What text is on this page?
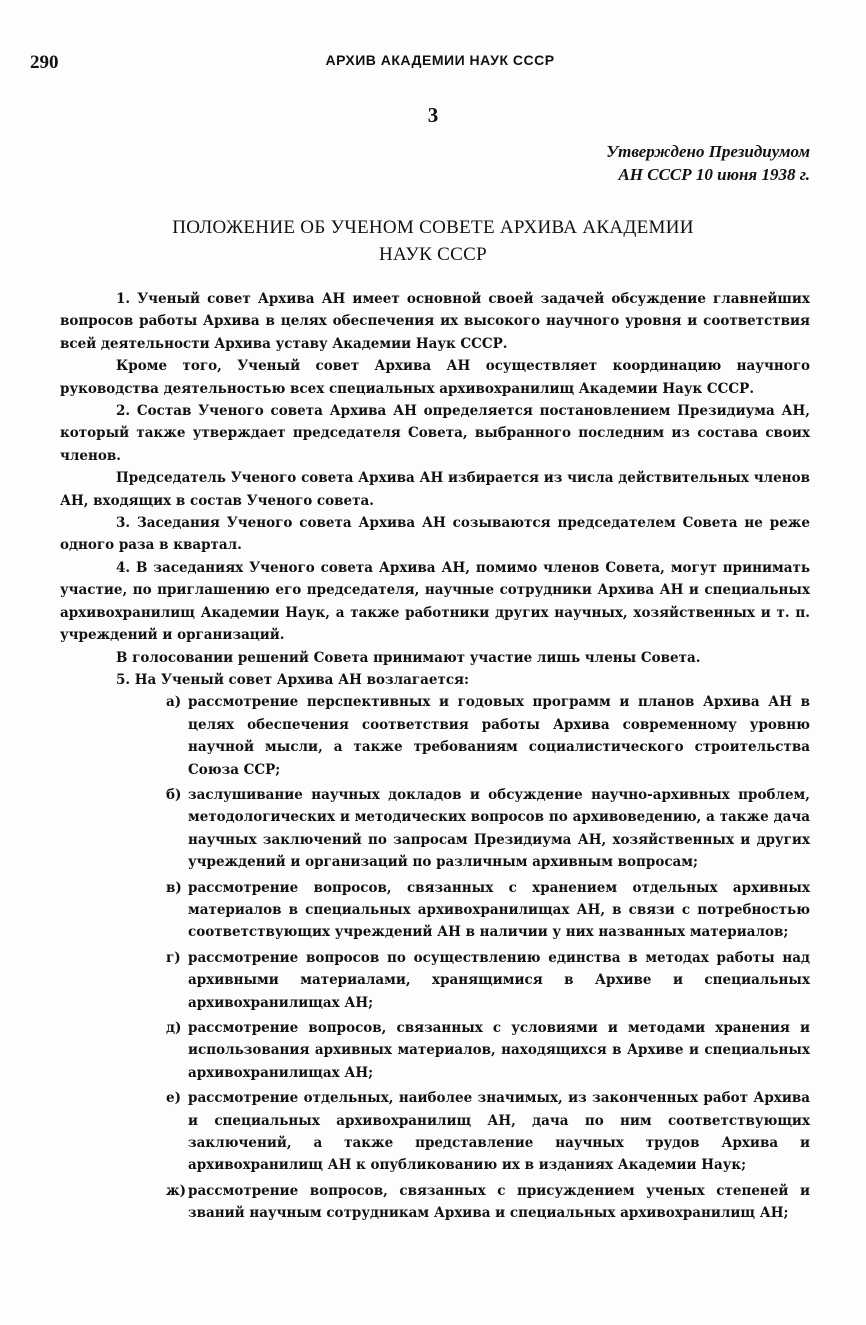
290	АРХИВ АКАДЕМИИ НАУК СССР
3
Утверждено Президиумом
АН СССР 10 июня 1938 г.
ПОЛОЖЕНИЕ ОБ УЧЕНОМ СОВЕТЕ АРХИВА АКАДЕМИИ
НАУК СССР

1. Ученый совет Архива АН имеет основной своей задачей обсуждение главнейших вопросов работы Архива в целях обеспечения их высокого научного уровня и соответствия всей деятельности Архива уставу Академии Наук СССР.

Кроме того, Ученый совет Архива АН осуществляет координацию научного руководства деятельностью всех специальных архивохранилищ Академии Наук СССР.

2. Состав Ученого совета Архива АН определяется постановлением Президиума АН, который также утверждает председателя Совета, выбранного последним из состава своих членов.

Председатель Ученого совета Архива АН избирается из числа действительных членов АН, входящих в состав Ученого совета.

3. Заседания Ученого совета Архива АН созываются председателем Совета не реже одного раза в квартал.

4. В заседаниях Ученого совета Архива АН, помимо членов Совета, могут принимать участие, по приглашению его председателя, научные сотрудники Архива АН и специальных архивохранилищ Академии Наук, а также работники других научных, хозяйственных и т. п. учреждений и организаций.

В голосовании решений Совета принимают участие лишь члены Совета.

5. На Ученый совет Архива АН возлагается:

а) рассмотрение перспективных и годовых программ и планов Архива АН в целях обеспечения соответствия работы Архива современному уровню научной мысли, а также требованиям социалистического строительства Союза ССР;
б) заслушивание научных докладов и обсуждение научно-архивных проблем, методологических и методических вопросов по архивоведению, а также дача научных заключений по запросам Президиума АН, хозяйственных и других учреждений и организаций по различным архивным вопросам;
в) рассмотрение вопросов, связанных с хранением отдельных архивных материалов в специальных архивохранилищах АН, в связи с потребностью соответствующих учреждений АН в наличии у них названных материалов;
г) рассмотрение вопросов по осуществлению единства в методах работы над архивными материалами, хранящимися в Архиве и специальных архивохранилищах АН;
д) рассмотрение вопросов, связанных с условиями и методами хранения и использования архивных материалов, находящихся в Архиве и специальных архивохранилищах АН;
е) рассмотрение отдельных, наиболее значимых, из законченных работ Архива и специальных архивохранилищ АН, дача по ним соответствующих заключений, а также представление научных трудов Архива и архивохранилищ АН к опубликованию их в изданиях Академии Наук;
ж) рассмотрение вопросов, связанных с присуждением ученых степеней и званий научным сотрудникам Архива и специальных архивохранилищ АН;
